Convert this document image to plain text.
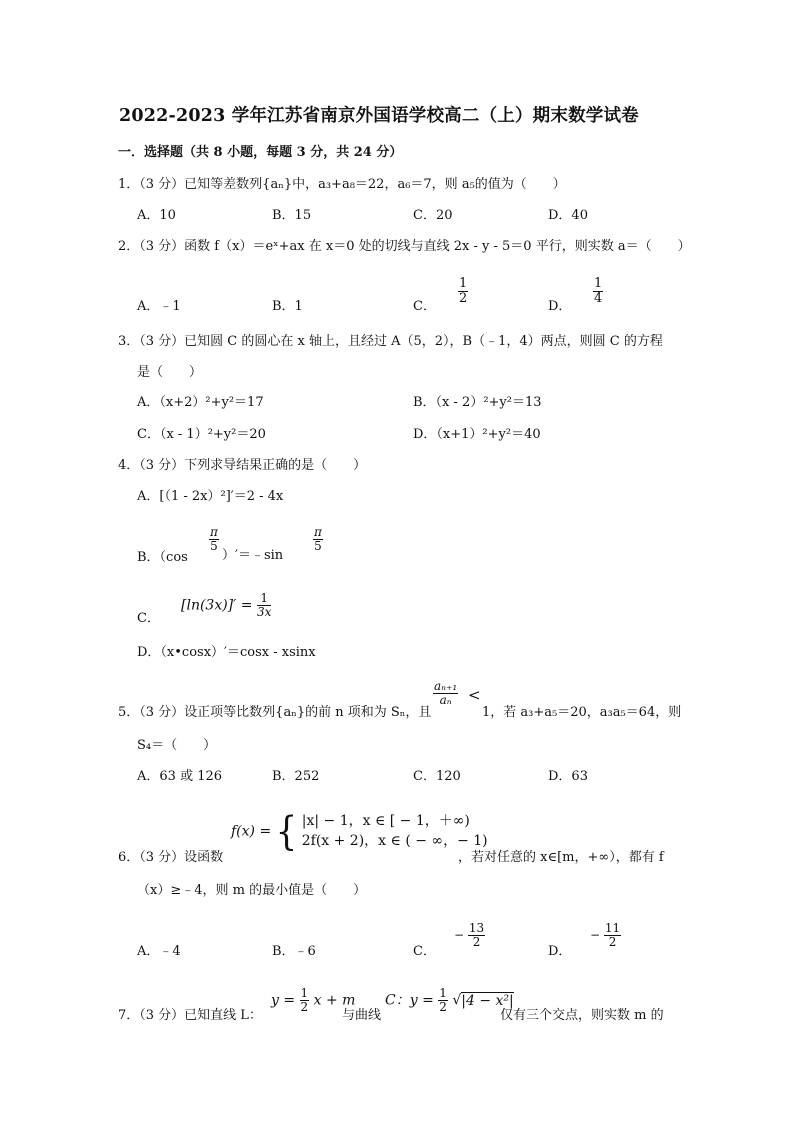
2022-2023 学年江苏省南京外国语学校高二（上）期末数学试卷
一．选择题（共 8 小题，每题 3 分，共 24 分）
1．（3 分）已知等差数列{aₙ}中，a₃+a₈＝22，a₆＝7，则 a₅的值为（　　）
A．10	B．15	C．20	D．40
2．（3 分）函数 f（x）＝eˣ+ax 在 x＝0 处的切线与直线 2x - y - 5＝0 平行，则实数 a＝（　　）
A．﹣1	B．1	C． $\frac{1}{2}$	D． $\frac{1}{4}$
3．（3 分）已知圆 C 的圆心在 x 轴上，且经过 A（5，2），B（﹣1，4）两点，则圆 C 的方程
是（　　）
A．（x+2）²+y²＝17	B．（x - 2）²+y²＝13
C．（x - 1）²+y²＝20	D．（x+1）²+y²＝40
4．（3 分）下列求导结果正确的是（　　）
A．[（1 - 2x）²]′＝2 - 4x
B．（cos
$\frac{\pi}{5}$
）′＝﹣sin
$\frac{\pi}{5}$
C．
$[\ln(3x)]' = \frac{1}{3x}$
D．（x•cosx）′＝cosx - xsinx
5．（3 分）设正项等比数列{aₙ}的前 n 项和为 Sₙ，且
$\frac{\text{aₙ₊₁}}{\text{aₙ}}$ <
1，若 a₃+a₅＝20，a₃a₅＝64，则
S₄＝（　　）
A．63 或 126	B．252	C．120	D．63
f(x) = { |x| − 1，x ∈ [ − 1，＋∞)
2f(x + 2)，x ∈ ( − ∞，− 1)
6．（3 分）设函数	，若对任意的 x∈[m，+∞），都有 f
（x）≥﹣4，则 m 的最小值是（　　）
A．﹣4	B．﹣6	C．
− $\frac{13}{2}$
D．
− $\frac{11}{2}$
7．（3 分）已知直线 L：
$y = \frac{1}{2}$ x + m
与曲线
C：$y = \frac{1}{2} √|4 - x^2|$
仅有三个交点，则实数 m 的
